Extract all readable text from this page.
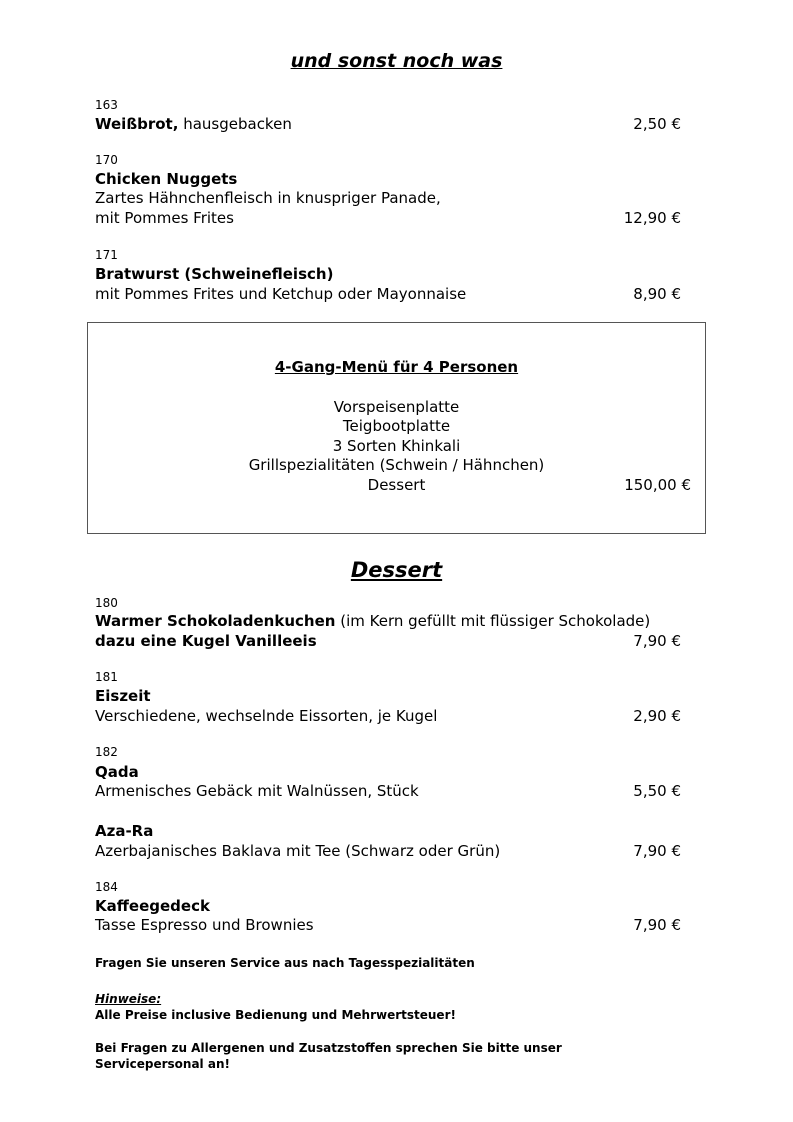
und sonst noch was
163
Weißbrot, hausgebacken	2,50 €
170
Chicken Nuggets
Zartes Hähnchenfleisch in knuspriger Panade,
mit Pommes Frites	12,90 €
171
Bratwurst (Schweinefleisch)
mit Pommes Frites und Ketchup oder Mayonnaise	8,90 €
4-Gang-Menü für 4 Personen
Vorspeisenplatte
Teigbootplatte
3 Sorten Khinkali
Grillspezialitäten (Schwein / Hähnchen)
Dessert	150,00 €
Dessert
180
Warmer Schokoladenkuchen (im Kern gefüllt mit flüssiger Schokolade)
dazu eine Kugel Vanilleeis	7,90 €
181
Eiszeit
Verschiedene, wechselnde Eissorten, je Kugel	2,90 €
182
Qada
Armenisches Gebäck mit Walnüssen, Stück	5,50 €
Aza-Ra
Azerbajanisches Baklava mit Tee (Schwarz oder Grün)	7,90 €
184
Kaffeegedeck
Tasse Espresso und Brownies	7,90 €
Fragen Sie unseren Service aus nach Tagesspezialitäten
Hinweise:
Alle Preise inclusive Bedienung und Mehrwertsteuer!
Bei Fragen zu Allergenen und Zusatzstoffen sprechen Sie bitte unser
Servicepersonal an!
